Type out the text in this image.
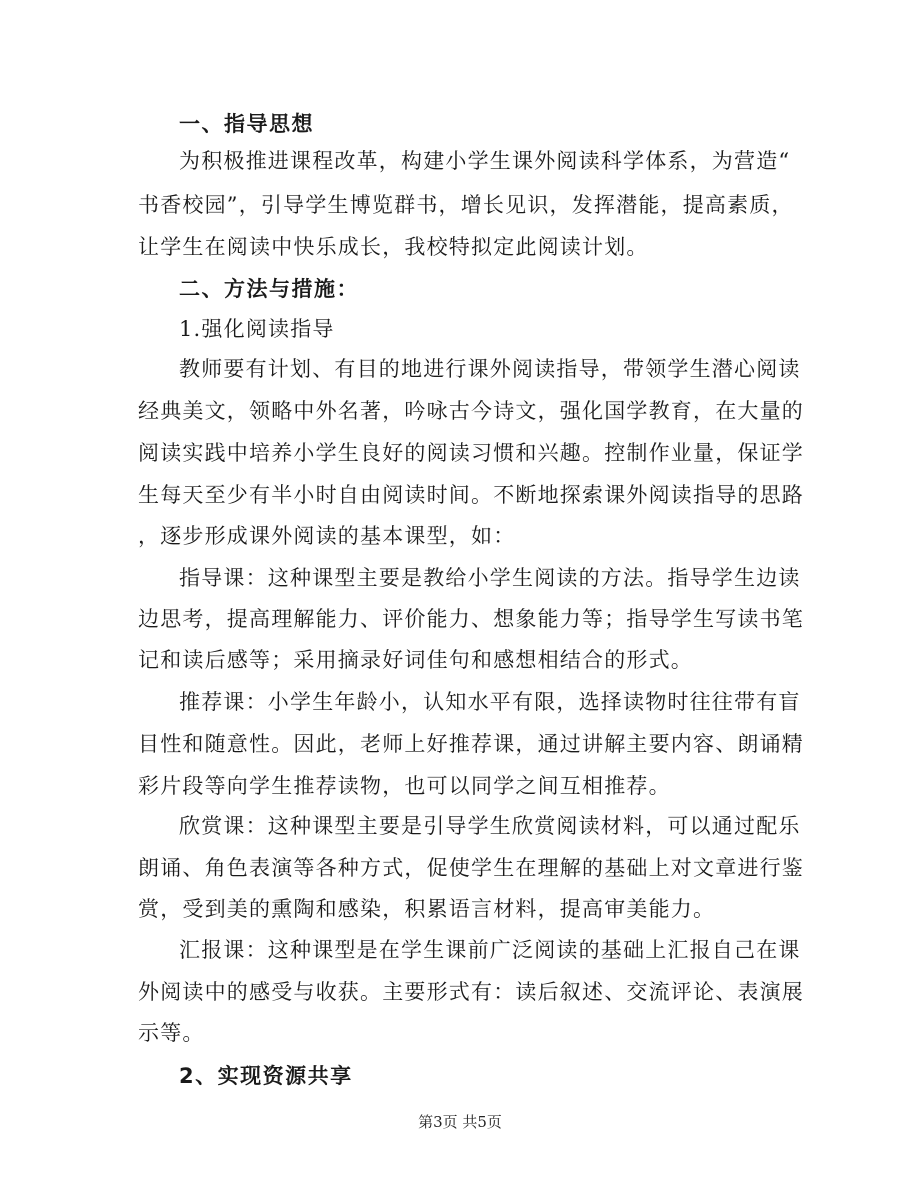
一、指导思想
为积极推进课程改革，构建小学生课外阅读科学体系，为营造“
书香校园”，引导学生博览群书，增长见识，发挥潜能，提高素质，
让学生在阅读中快乐成长，我校特拟定此阅读计划。
二、方法与措施：
1.强化阅读指导
教师要有计划、有目的地进行课外阅读指导，带领学生潜心阅读
经典美文，领略中外名著，吟咏古今诗文，强化国学教育，在大量的
阅读实践中培养小学生良好的阅读习惯和兴趣。控制作业量，保证学
生每天至少有半小时自由阅读时间。不断地探索课外阅读指导的思路
，逐步形成课外阅读的基本课型，如：
指导课：这种课型主要是教给小学生阅读的方法。指导学生边读
边思考，提高理解能力、评价能力、想象能力等；指导学生写读书笔
记和读后感等；采用摘录好词佳句和感想相结合的形式。
推荐课：小学生年龄小，认知水平有限，选择读物时往往带有盲
目性和随意性。因此，老师上好推荐课，通过讲解主要内容、朗诵精
彩片段等向学生推荐读物，也可以同学之间互相推荐。
欣赏课：这种课型主要是引导学生欣赏阅读材料，可以通过配乐
朗诵、角色表演等各种方式，促使学生在理解的基础上对文章进行鉴
赏，受到美的熏陶和感染，积累语言材料，提高审美能力。
汇报课：这种课型是在学生课前广泛阅读的基础上汇报自己在课
外阅读中的感受与收获。主要形式有：读后叙述、交流评论、表演展
示等。
2、实现资源共享
第3页 共5页
